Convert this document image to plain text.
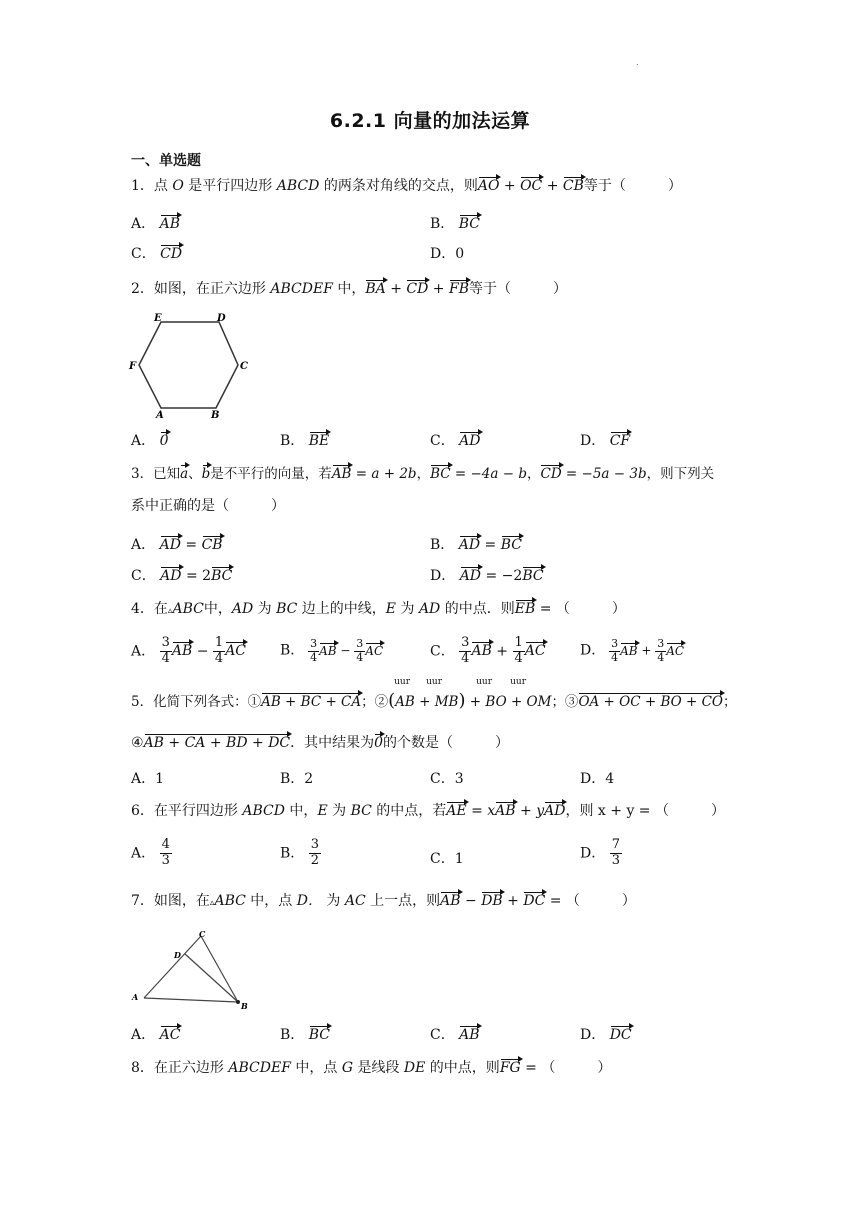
.
6.2.1 向量的加法运算
一、单选题
1．点 O 是平行四边形 ABCD 的两条对角线的交点，则AO + OC + CB等于（　　　）
A． AB	B． BC
C． CD	D．0
2．如图，在正六边形 ABCDEF 中，BA + CD + FB等于（　　　）
E	D
F	C
A	B
A． 0	B． BE	C． AD	D． CF
3．已知a、b是不平行的向量，若AB = a + 2b，BC = −4a − b，CD = −5a − 3b，则下列关
系中正确的是（　　　）
A． AD = CB	B． AD = BC
C． AD = 2BC	D． AD = −2BC
4．在▵ABC中，AD 为 BC 边上的中线，E 为 AD 的中点．则EB = （　　　）
A． $\frac{3}{4}$ AB − $\frac{1}{4}$ AC B． $\frac{3}{4}$ AB − $\frac{3}{4}$ AC	C． $\frac{3}{4}$ AB + $\frac{1}{4}$ AC D． $\frac{3}{4}$ AB + $\frac{3}{4}$ AC
5．化简下列各式：①AB + BC + CA；②
uur uur	uur uur
(AB + MB) + BO + OM；③OA + OC + BO + CO；
④AB + CA + BD + DC．其中结果为0的个数是（　　　）
A．1	B．2	C．3	D．4
6．在平行四边形 ABCD 中，E 为 BC 的中点，若AE = xAB + yAD，则 x + y = （　　　）
A． $\frac{4}{3}$	B． $\frac{3}{2}$	C．1	D． $\frac{7}{3}$
7．如图，在▵ABC 中，点 D． 为 AC 上一点，则AB − DB + DC = （　　　）
C
D
A
B
A． AC	B． BC	C． AB	D． DC
8．在正六边形 ABCDEF 中，点 G 是线段 DE 的中点，则FG = （　　　）
